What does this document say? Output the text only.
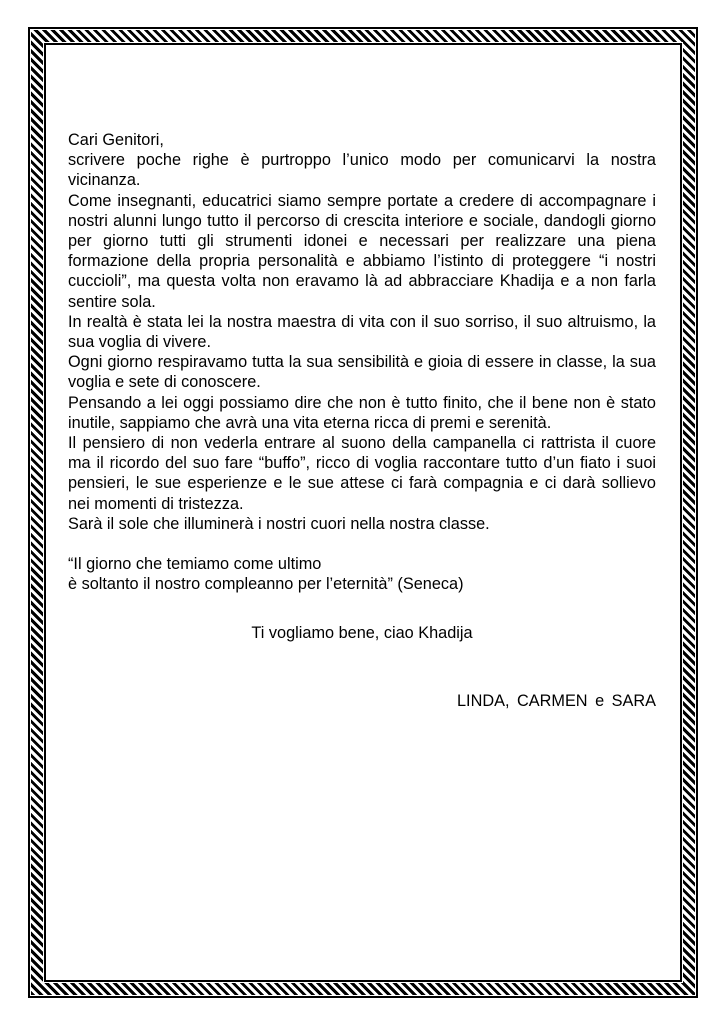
Cari Genitori,

scrivere poche righe è purtroppo l’unico modo per comunicarvi la nostra vicinanza.

Come insegnanti, educatrici siamo sempre portate a credere di accompagnare i nostri alunni lungo tutto il percorso di crescita interiore e sociale, dandogli giorno per giorno tutti gli strumenti idonei e necessari per realizzare una piena formazione della propria personalità e abbiamo l’istinto di proteggere “i nostri cuccioli”, ma questa volta non eravamo là ad abbracciare Khadija e a non farla sentire sola.

In realtà è stata lei la nostra maestra di vita con il suo sorriso, il suo altruismo, la sua voglia di vivere.

Ogni giorno respiravamo tutta la sua sensibilità e gioia di essere in classe, la sua voglia e sete di conoscere.

Pensando a lei oggi possiamo dire che non è tutto finito, che il bene non è stato inutile, sappiamo che avrà una vita eterna ricca di premi e serenità.

Il pensiero di non vederla entrare al suono della campanella ci rattrista il cuore ma il ricordo del suo fare “buffo”, ricco di voglia raccontare tutto d’un fiato i suoi pensieri, le sue esperienze e le sue attese ci farà compagnia e ci darà sollievo nei momenti di tristezza.

Sarà il sole che illuminerà i nostri cuori nella nostra classe.

“Il giorno che temiamo come ultimo

è soltanto il nostro compleanno per l’eternità” (Seneca)

Ti vogliamo bene, ciao Khadija

LINDA, CARMEN e SARA
